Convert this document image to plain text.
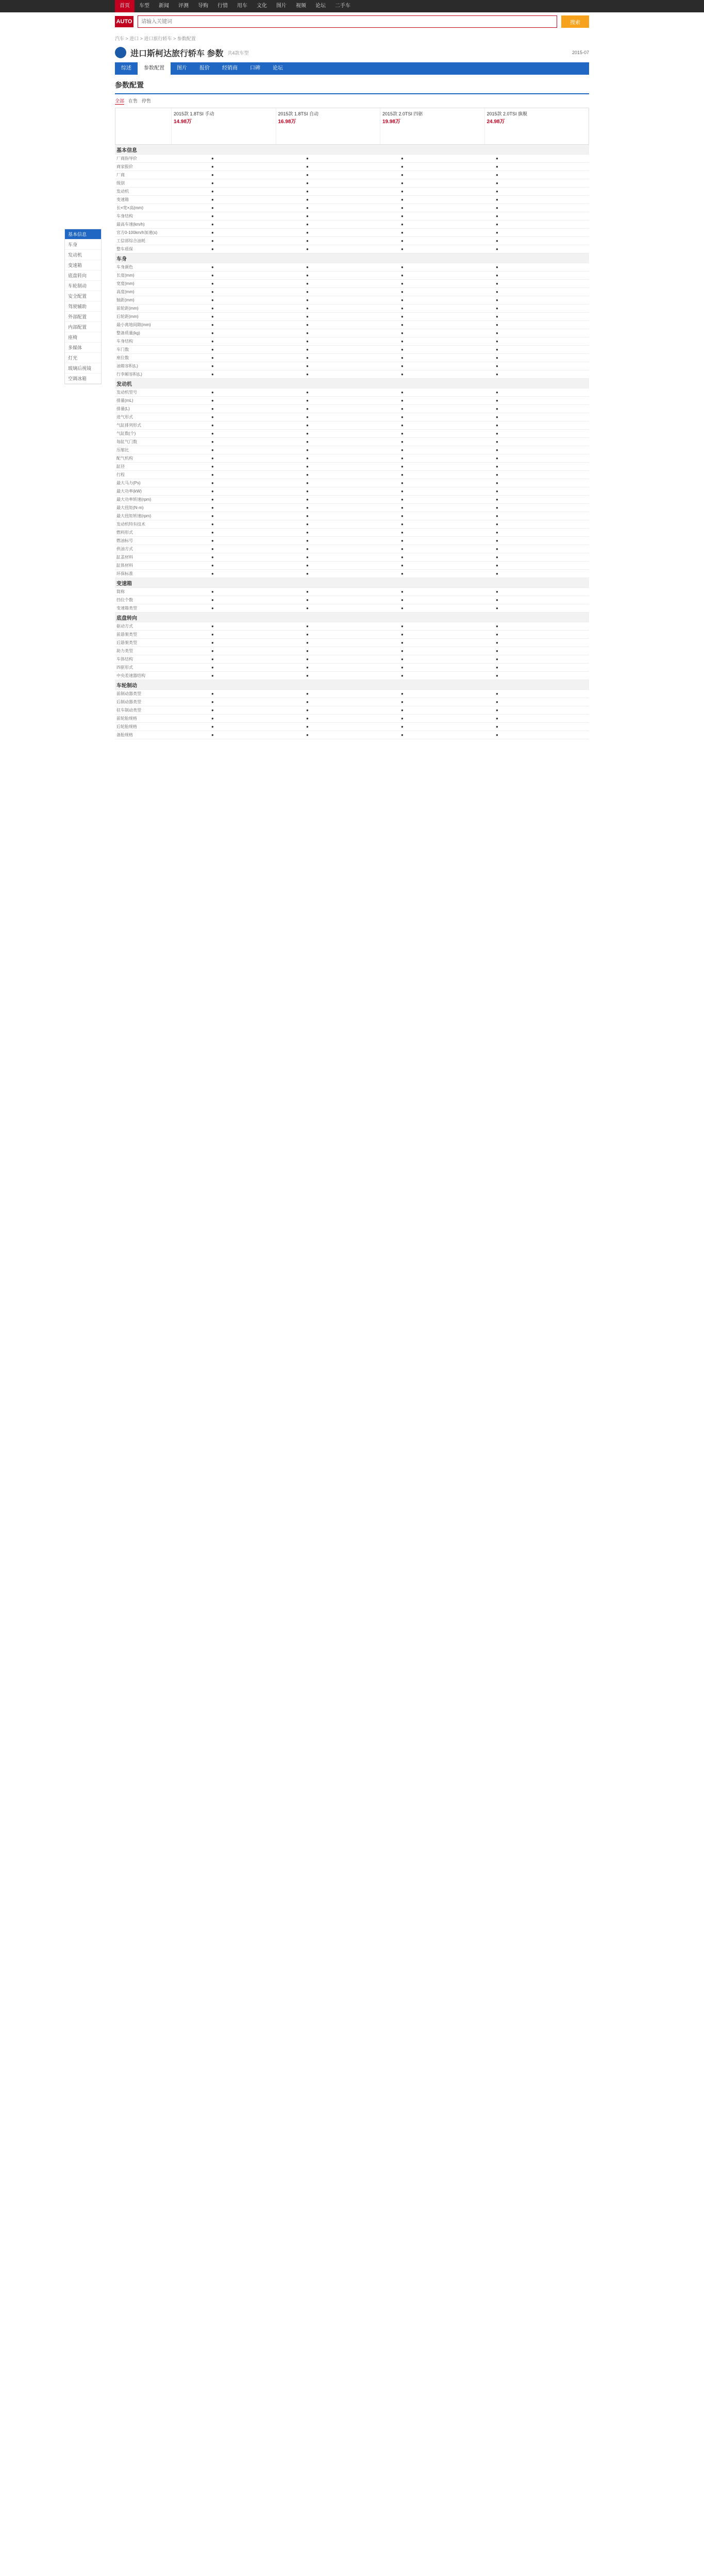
首页	车型	新闻	评测	导购	行情	用车	文化	图片	视频	论坛	二手车
AUTO
请输入关键词	搜索
汽车 > 进口 > 进口旅行轿车 > 参数配置
进口斯柯达旅行轿车 参数 共4款车型	2015-07
综述	参数配置	图片	报价	经销商	口碑	论坛
参数配置
全部 在售 停售
2015款 1.8TSI 手动
14.98万
2015款 1.8TSI 自动
16.98万
2015款 2.0TSI 四驱
19.98万
2015款 2.0TSI 旗舰
24.98万
基本信息
车身
发动机
变速箱
底盘转向
车轮制动
安全配置
驾驶辅助
外部配置
内部配置
座椅
多媒体
灯光
玻璃后视镜
空调冰箱
基本信息				
厂商指导价	●	●	●	●
商家报价	●	●	●	●
厂商	●	●	●	●
级别	●	●	●	●
发动机	●	●	●	●
变速箱	●	●	●	●
长×宽×高(mm)	●	●	●	●
车身结构	●	●	●	●
最高车速(km/h)	●	●	●	●
官方0-100km/h加速(s)	●	●	●	●
工信部综合油耗	●	●	●	●
整车质保	●	●	●	●
车身				
车身颜色	●	●	●	●
长度(mm)	●	●	●	●
宽度(mm)	●	●	●	●
高度(mm)	●	●	●	●
轴距(mm)	●	●	●	●
前轮距(mm)	●	●	●	●
后轮距(mm)	●	●	●	●
最小离地间隙(mm)	●	●	●	●
整备质量(kg)	●	●	●	●
车身结构	●	●	●	●
车门数	●	●	●	●
座位数	●	●	●	●
油箱容积(L)	●	●	●	●
行李厢容积(L)	●	●	●	●
发动机				
发动机型号	●	●	●	●
排量(mL)	●	●	●	●
排量(L)	●	●	●	●
进气形式	●	●	●	●
气缸排列形式	●	●	●	●
气缸数(个)	●	●	●	●
每缸气门数	●	●	●	●
压缩比	●	●	●	●
配气机构	●	●	●	●
缸径	●	●	●	●
行程	●	●	●	●
最大马力(Ps)	●	●	●	●
最大功率(kW)	●	●	●	●
最大功率转速(rpm)	●	●	●	●
最大扭矩(N·m)	●	●	●	●
最大扭矩转速(rpm)	●	●	●	●
发动机特有技术	●	●	●	●
燃料形式	●	●	●	●
燃油标号	●	●	●	●
供油方式	●	●	●	●
缸盖材料	●	●	●	●
缸体材料	●	●	●	●
环保标准	●	●	●	●
变速箱				
简称	●	●	●	●
挡位个数	●	●	●	●
变速箱类型	●	●	●	●
底盘转向				
驱动方式	●	●	●	●
前悬架类型	●	●	●	●
后悬架类型	●	●	●	●
助力类型	●	●	●	●
车体结构	●	●	●	●
四驱形式	●	●	●	●
中央差速器结构	●	●	●	●
车轮制动				
前制动器类型	●	●	●	●
后制动器类型	●	●	●	●
驻车制动类型	●	●	●	●
前轮胎规格	●	●	●	●
后轮胎规格	●	●	●	●
备胎规格	●	●	●	●
